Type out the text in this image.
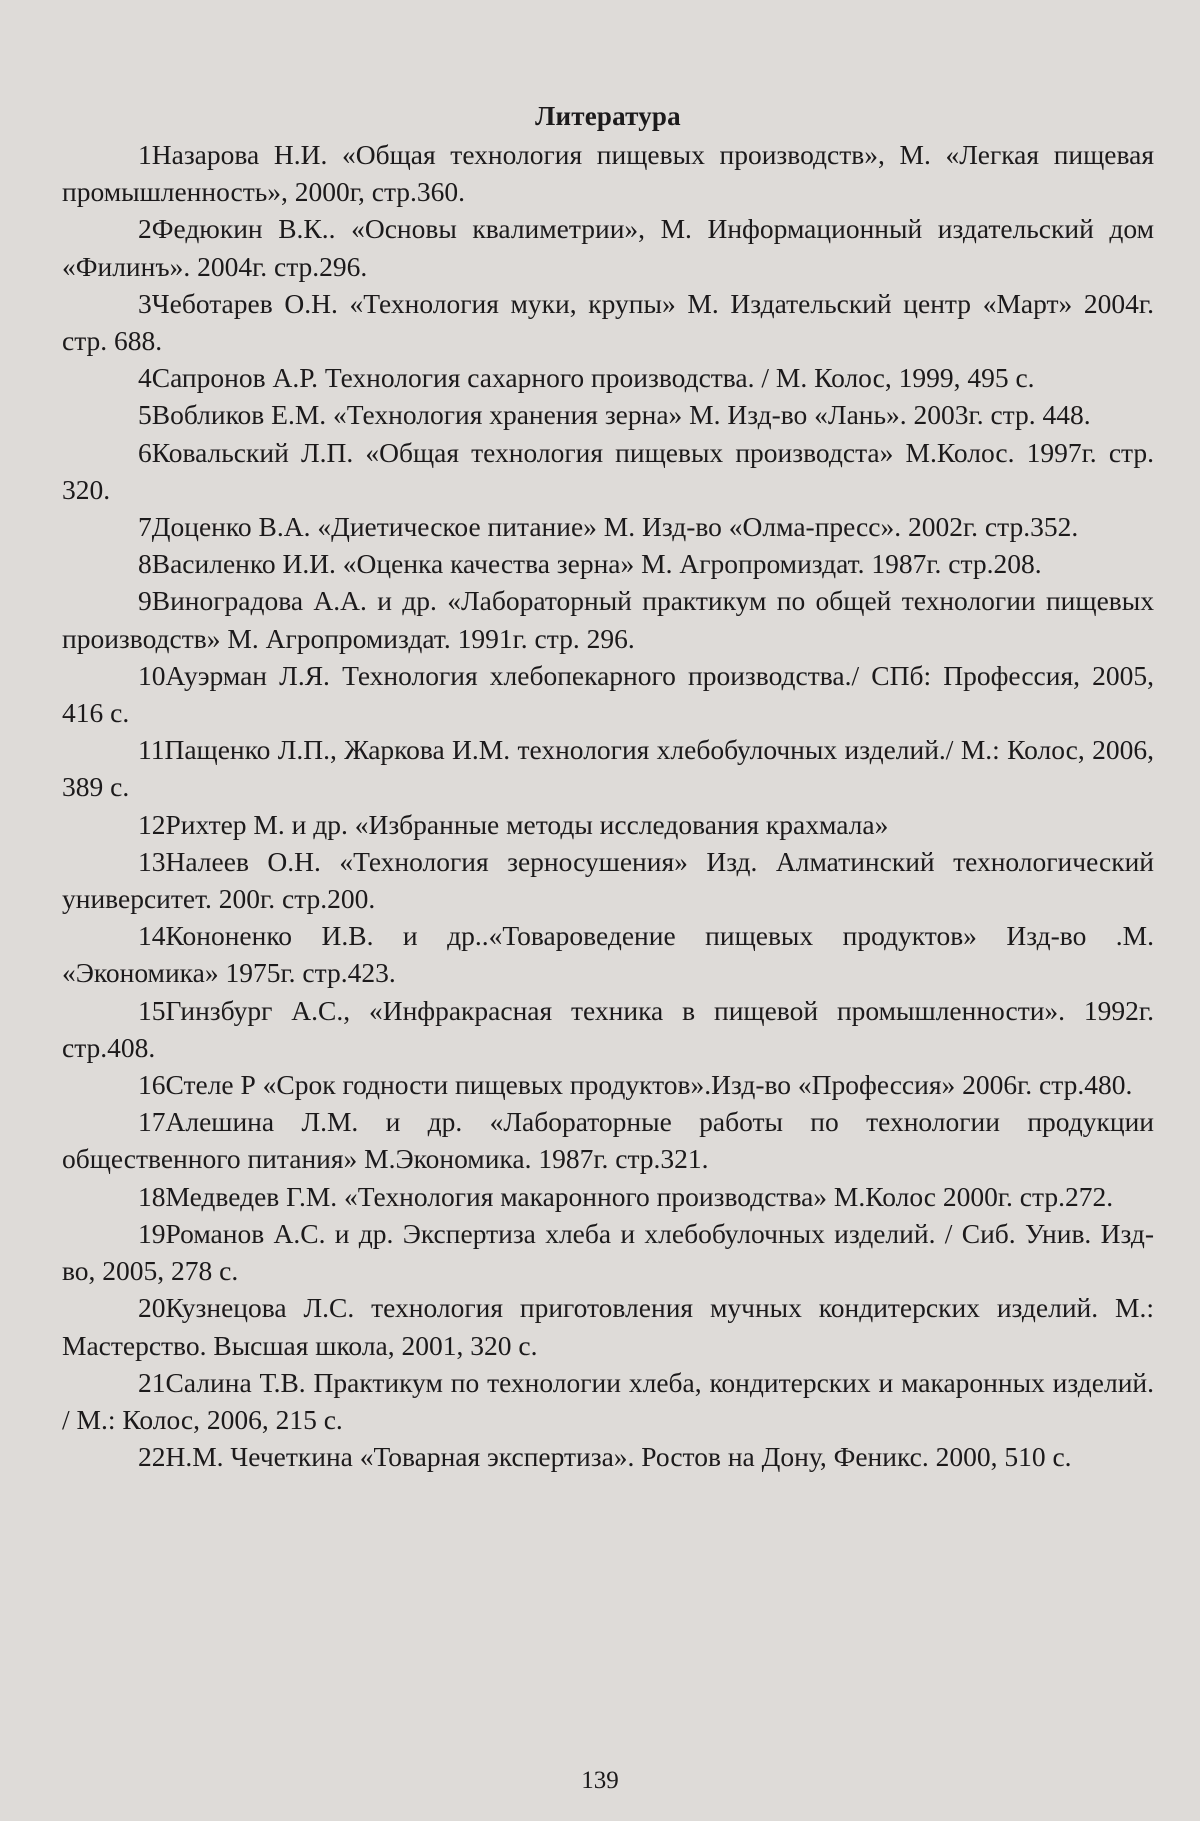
Литература
1Назарова Н.И. «Общая технология пищевых производств», М. «Легкая пищевая промышленность», 2000г, стр.360.
2Федюкин В.К.. «Основы квалиметрии», М. Информационный издательский дом «Филинъ». 2004г. стр.296.
3Чеботарев О.Н. «Технология муки, крупы» М. Издательский центр «Март» 2004г. стр. 688.
4Сапронов А.Р. Технология сахарного производства. / М. Колос, 1999, 495 с.
5Вобликов Е.М. «Технология хранения зерна» М. Изд-во «Лань». 2003г. стр. 448.
6Ковальский Л.П. «Общая технология пищевых производста» М.Колос. 1997г. стр. 320.
7Доценко В.А. «Диетическое питание» М. Изд-во «Олма-пресс». 2002г. стр.352.
8Василенко И.И. «Оценка качества зерна» М. Агропромиздат. 1987г. стр.208.
9Виноградова А.А. и др. «Лабораторный практикум по общей технологии пищевых производств» М. Агропромиздат. 1991г. стр. 296.
10Ауэрман Л.Я. Технология хлебопекарного производства./ СПб: Профессия, 2005, 416 с.
11Пащенко Л.П., Жаркова И.М. технология хлебобулочных изделий./ М.: Колос, 2006, 389 с.
12Рихтер М. и др. «Избранные методы исследования крахмала»
13Налеев О.Н. «Технология зерносушения» Изд. Алматинский технологический университет. 200г. стр.200.
14Кононенко И.В. и др..«Товароведение пищевых продуктов» Изд-во .М. «Экономика» 1975г. стр.423.
15Гинзбург А.С., «Инфракрасная техника в пищевой промышленности». 1992г. стр.408.
16Стеле Р «Срок годности пищевых продуктов».Изд-во «Профессия» 2006г. стр.480.
17Алешина Л.М. и др. «Лабораторные работы по технологии продукции общественного питания» М.Экономика. 1987г. стр.321.
18Медведев Г.М. «Технология макаронного производства» М.Колос 2000г. стр.272.
19Романов А.С. и др. Экспертиза хлеба и хлебобулочных изделий. / Сиб. Унив. Изд-во, 2005, 278 с.
20Кузнецова Л.С. технология приготовления мучных кондитерских изделий. М.: Мастерство. Высшая школа, 2001, 320 с.
21Салина Т.В. Практикум по технологии хлеба, кондитерских и макаронных изделий. / М.: Колос, 2006, 215 с.
22Н.М. Чечеткина «Товарная экспертиза». Ростов на Дону, Феникс. 2000, 510 с.
139
